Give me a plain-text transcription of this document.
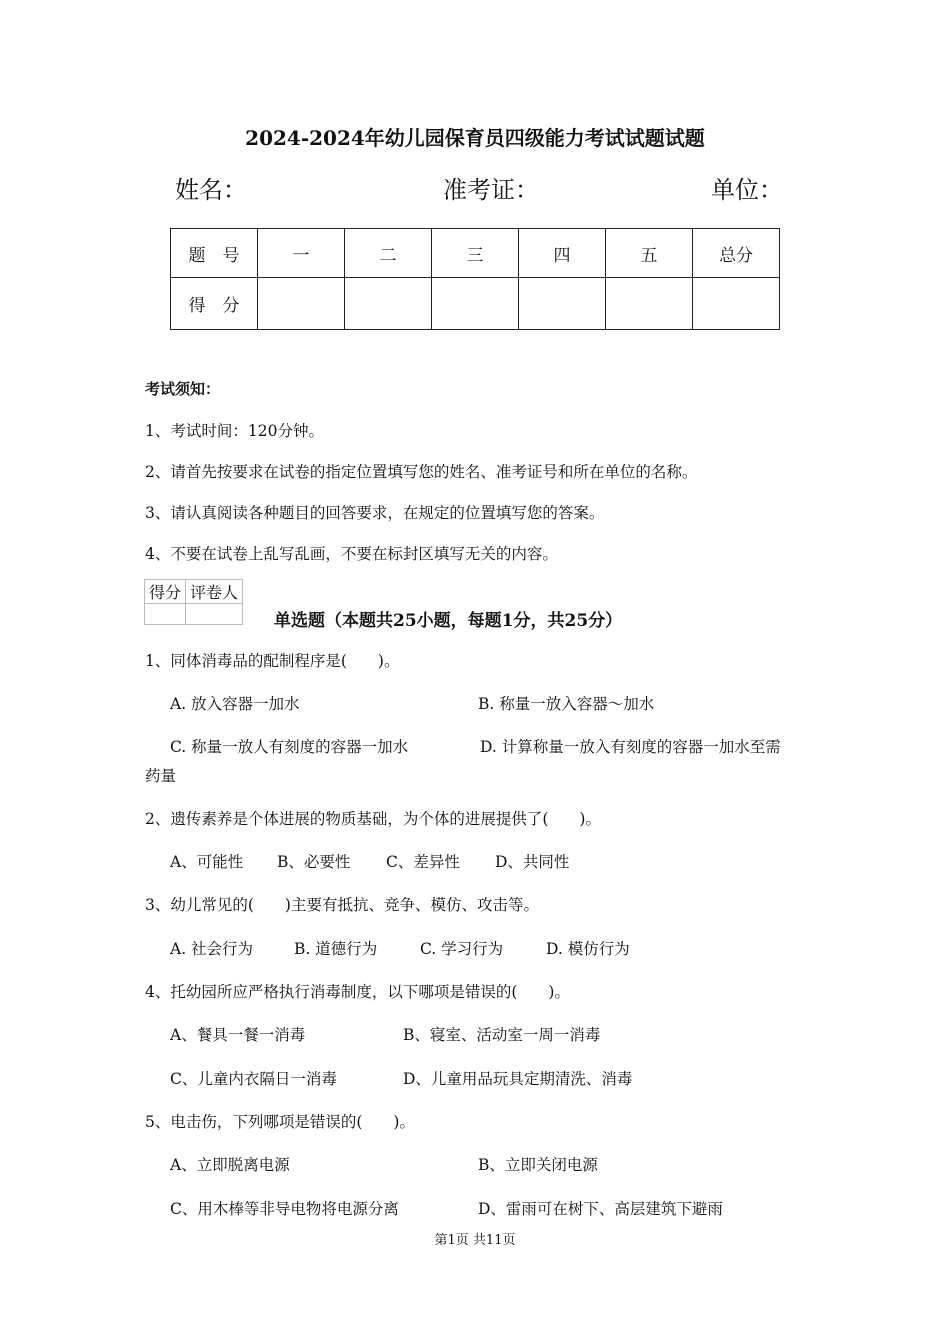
2024-2024年幼儿园保育员四级能力考试试题试题
姓名：	准考证：	单位：
题　号	一	二	三	四	五	总分
得　分						
考试须知：
1、考试时间：120分钟。
2、请首先按要求在试卷的指定位置填写您的姓名、准考证号和所在单位的名称。
3、请认真阅读各种题目的回答要求，在规定的位置填写您的答案。
4、不要在试卷上乱写乱画，不要在标封区填写无关的内容。
得分	评卷人

单选题（本题共25小题，每题1分，共25分）
1、同体消毒品的配制程序是(　　)。
A. 放入容器一加水	B. 称量一放入容器～加水
C. 称量一放人有刻度的容器一加水	D. 计算称量一放入有刻度的容器一加水至需
药量
2、遗传素养是个体进展的物质基础，为个体的进展提供了(　　)。
A、可能性 B、必要性 C、差异性 D、共同性
3、幼儿常见的(　　)主要有抵抗、竞争、模仿、攻击等。
A. 社会行为	B. 道德行为	C. 学习行为	D. 模仿行为
4、托幼园所应严格执行消毒制度，以下哪项是错误的(　　)。
A、餐具一餐一消毒	B、寝室、活动室一周一消毒
C、儿童内衣隔日一消毒	D、儿童用品玩具定期清洗、消毒
5、电击伤，下列哪项是错误的(　　)。
A、立即脱离电源	B、立即关闭电源
C、用木棒等非导电物将电源分离	D、雷雨可在树下、高层建筑下避雨
第1页 共11页
